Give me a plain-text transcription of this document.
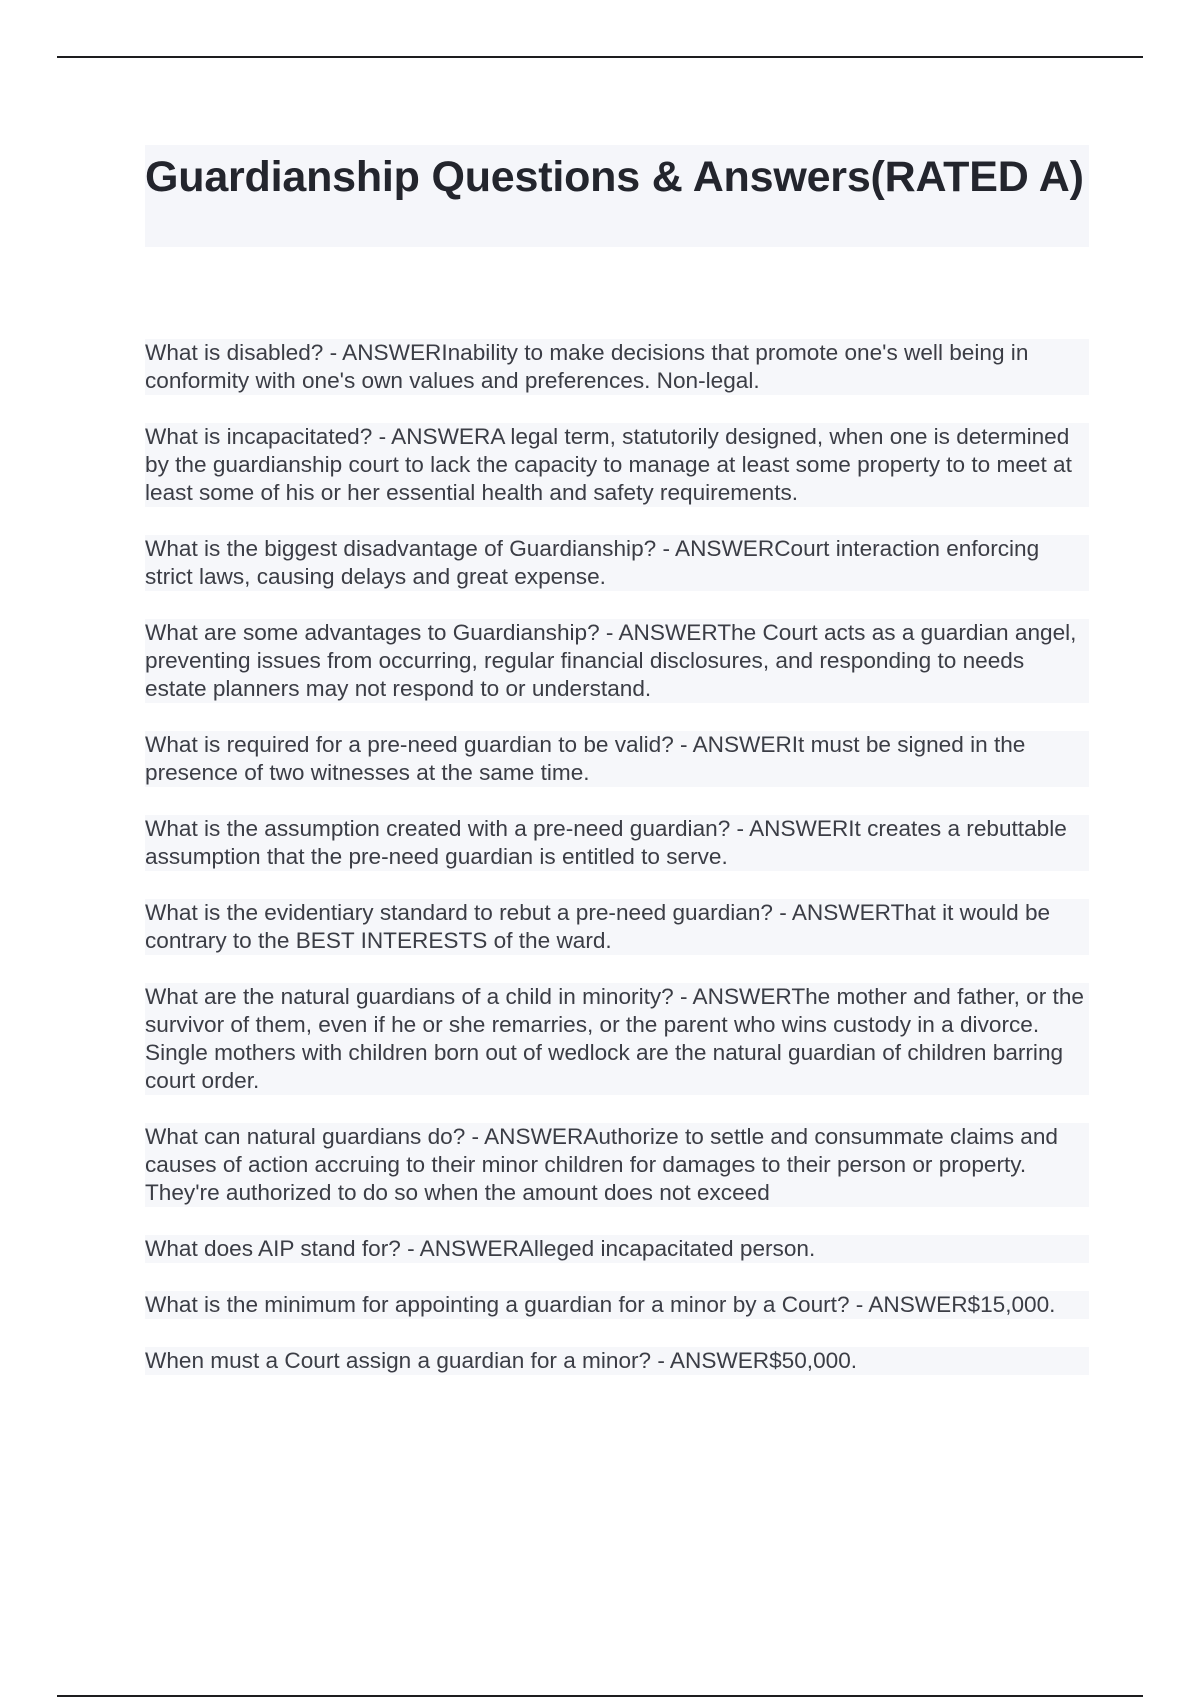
Guardianship Questions & Answers(RATED A)

What is disabled? - ANSWERInability to make decisions that promote one's well being in conformity with one's own values and preferences. Non-legal.

What is incapacitated? - ANSWERA legal term, statutorily designed, when one is determined by the guardianship court to lack the capacity to manage at least some property to to meet at least some of his or her essential health and safety requirements.

What is the biggest disadvantage of Guardianship? - ANSWERCourt interaction enforcing strict laws, causing delays and great expense.

What are some advantages to Guardianship? - ANSWERThe Court acts as a guardian angel, preventing issues from occurring, regular financial disclosures, and responding to needs estate planners may not respond to or understand.

What is required for a pre-need guardian to be valid? - ANSWERIt must be signed in the presence of two witnesses at the same time.

What is the assumption created with a pre-need guardian? - ANSWERIt creates a rebuttable assumption that the pre-need guardian is entitled to serve.

What is the evidentiary standard to rebut a pre-need guardian? - ANSWERThat it would be contrary to the BEST INTERESTS of the ward.

What are the natural guardians of a child in minority? - ANSWERThe mother and father, or the survivor of them, even if he or she remarries, or the parent who wins custody in a divorce. Single mothers with children born out of wedlock are the natural guardian of children barring court order.

What can natural guardians do? - ANSWERAuthorize to settle and consummate claims and causes of action accruing to their minor children for damages to their person or property. They're authorized to do so when the amount does not exceed

What does AIP stand for? - ANSWERAlleged incapacitated person.

What is the minimum for appointing a guardian for a minor by a Court? - ANSWER$15,000.

When must a Court assign a guardian for a minor? - ANSWER$50,000.
